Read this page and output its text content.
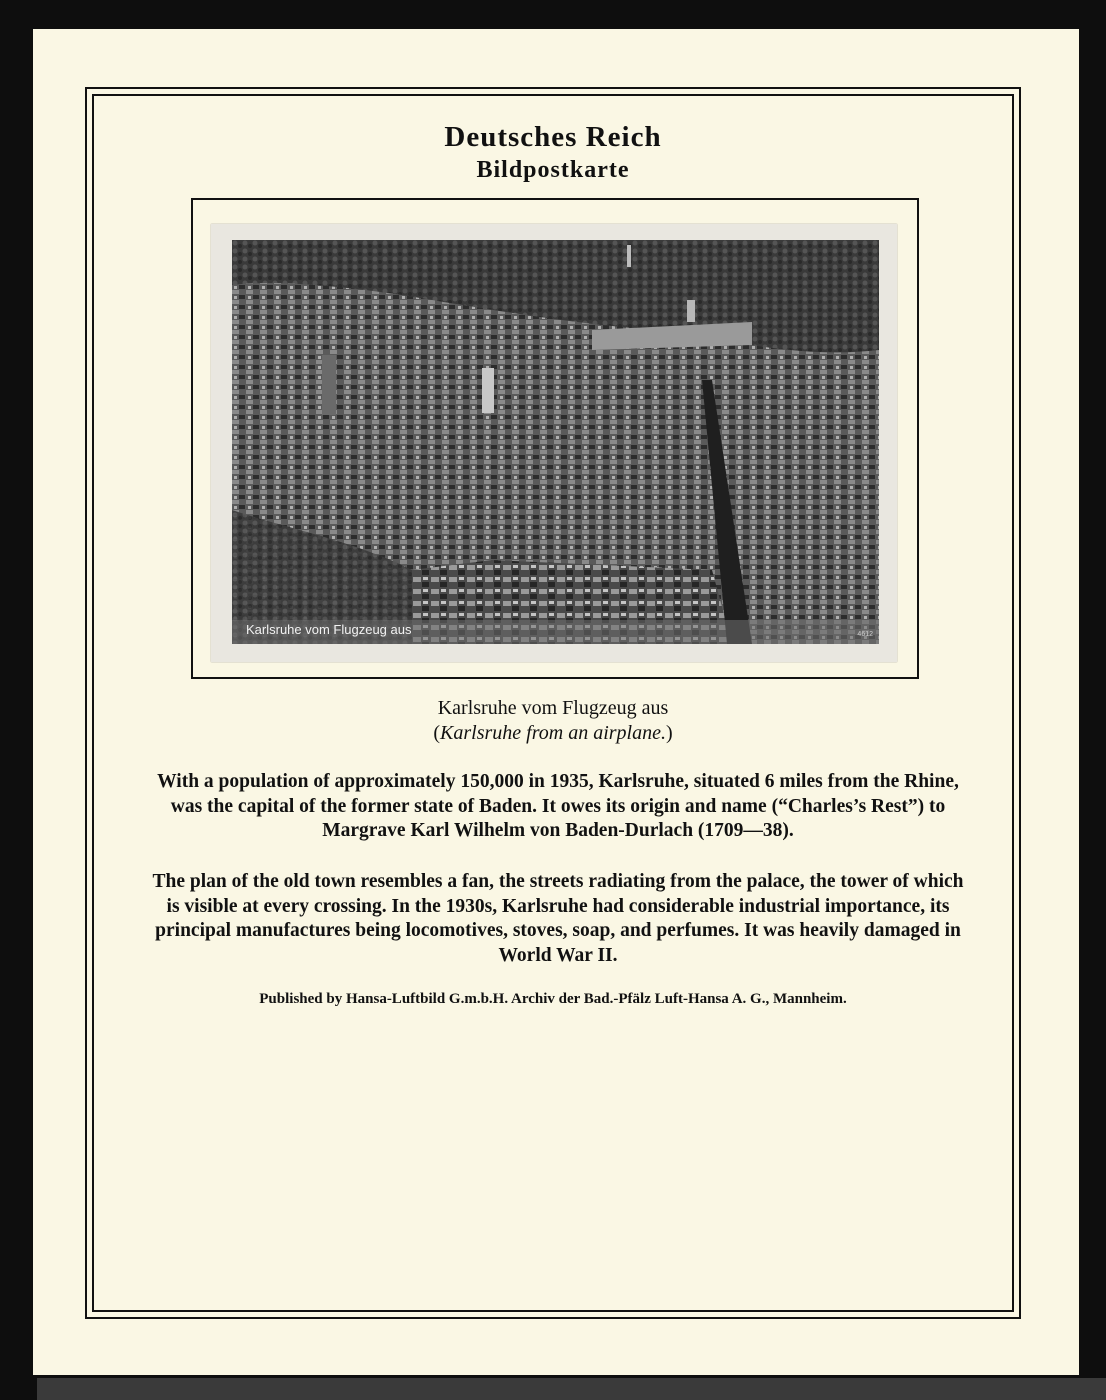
Deutsches Reich
Bildpostkarte
Karlsruhe vom Flugzeug aus	4612
Karlsruhe vom Flugzeug aus
(Karlsruhe from an airplane.)
With a population of approximately 150,000 in 1935, Karlsruhe, situated 6 miles from the Rhine, was the capital of the former state of Baden. It owes its origin and name (“Charles’s Rest”) to Margrave Karl Wilhelm von Baden-Durlach (1709—38).
The plan of the old town resembles a fan, the streets radiating from the palace, the tower of which is visible at every crossing. In the 1930s, Karlsruhe had considerable industrial importance, its principal manufactures being locomotives, stoves, soap, and perfumes. It was heavily damaged in World War II.
Published by Hansa-Luftbild G.m.b.H. Archiv der Bad.-Pfälz Luft-Hansa A. G., Mannheim.
